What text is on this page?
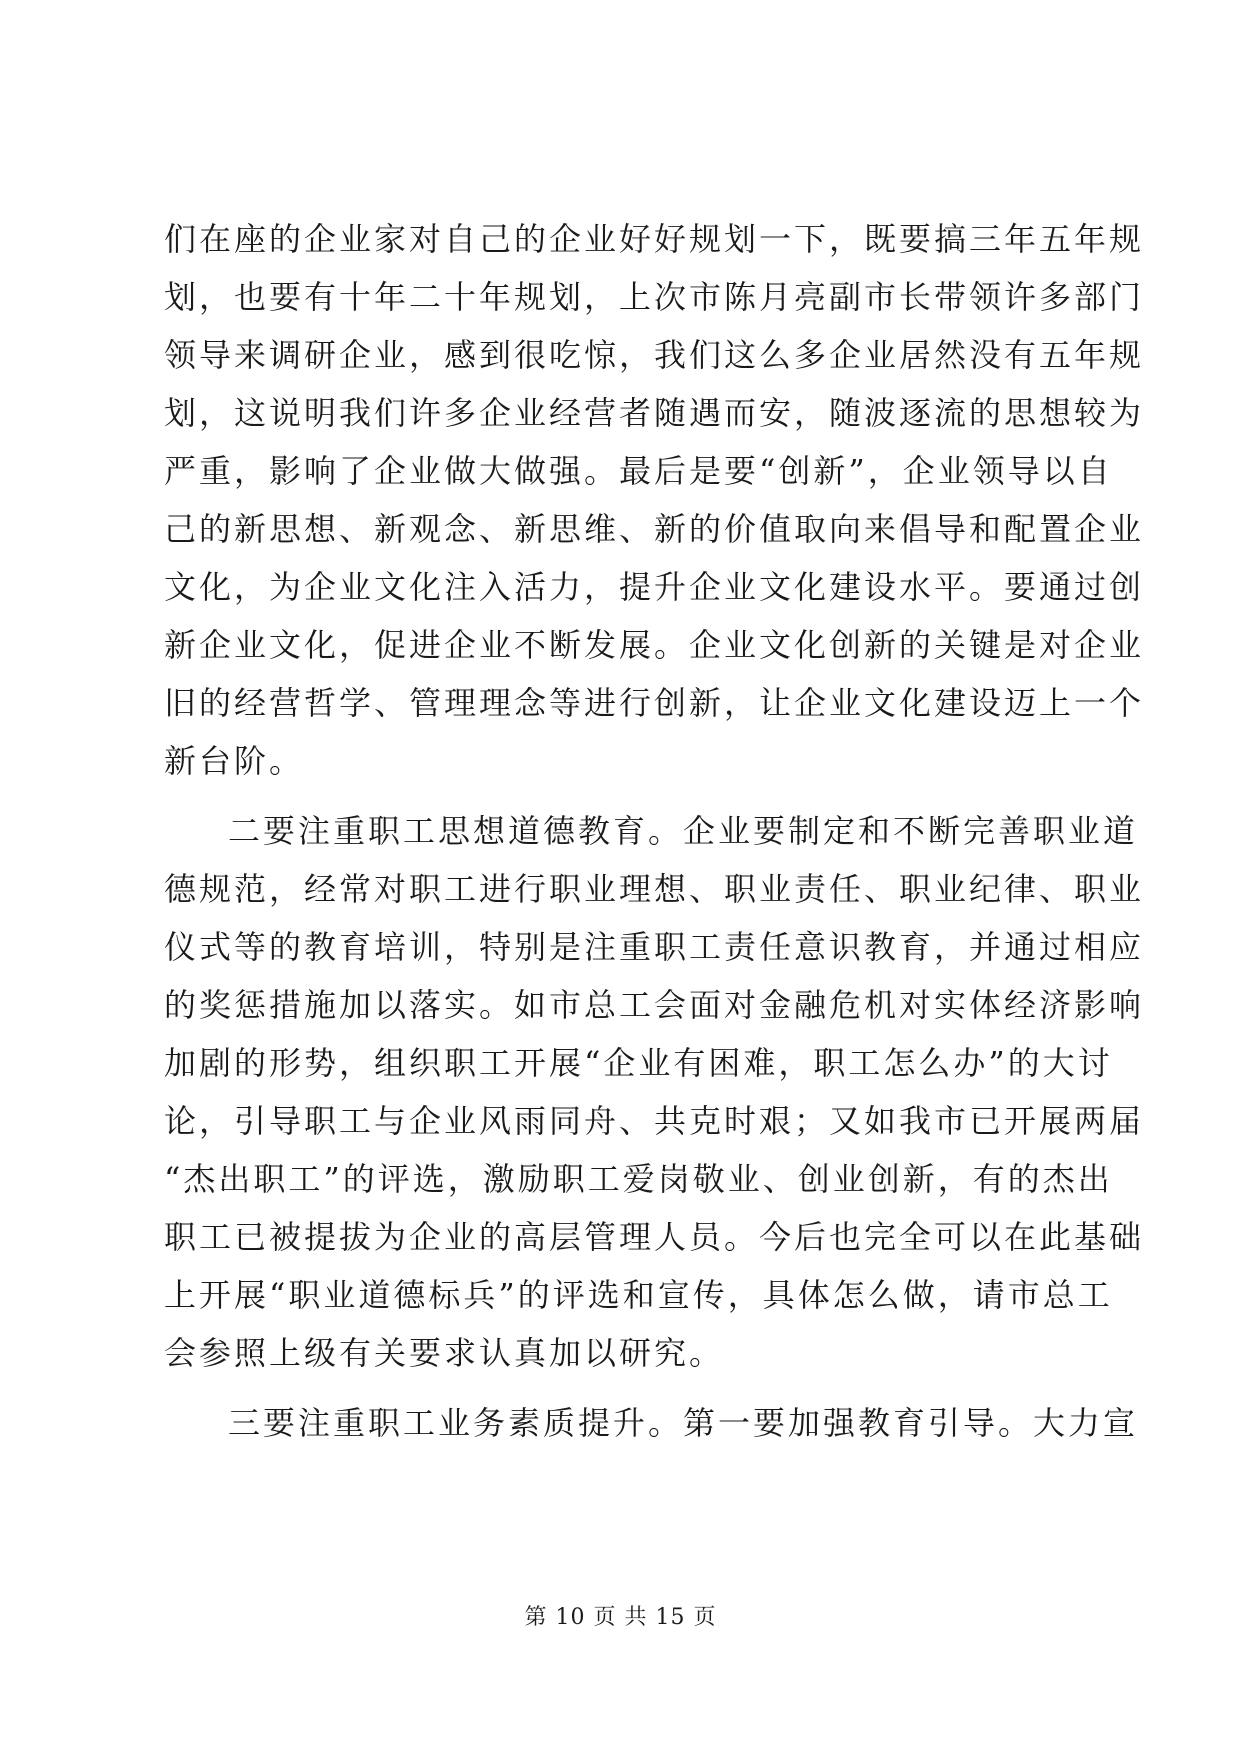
们在座的企业家对自己的企业好好规划一下，既要搞三年五年规
划，也要有十年二十年规划，上次市陈月亮副市长带领许多部门
领导来调研企业，感到很吃惊，我们这么多企业居然没有五年规
划，这说明我们许多企业经营者随遇而安，随波逐流的思想较为
严重，影响了企业做大做强。最后是要“创新”，企业领导以自
己的新思想、新观念、新思维、新的价值取向来倡导和配置企业
文化，为企业文化注入活力，提升企业文化建设水平。要通过创
新企业文化，促进企业不断发展。企业文化创新的关键是对企业
旧的经营哲学、管理理念等进行创新，让企业文化建设迈上一个
新台阶。
二要注重职工思想道德教育。企业要制定和不断完善职业道
德规范，经常对职工进行职业理想、职业责任、职业纪律、职业
仪式等的教育培训，特别是注重职工责任意识教育，并通过相应
的奖惩措施加以落实。如市总工会面对金融危机对实体经济影响
加剧的形势，组织职工开展“企业有困难，职工怎么办”的大讨
论，引导职工与企业风雨同舟、共克时艰；又如我市已开展两届
“杰出职工”的评选，激励职工爱岗敬业、创业创新，有的杰出
职工已被提拔为企业的高层管理人员。今后也完全可以在此基础
上开展“职业道德标兵”的评选和宣传，具体怎么做，请市总工
会参照上级有关要求认真加以研究。
三要注重职工业务素质提升。第一要加强教育引导。大力宣
第 10 页 共 15 页
